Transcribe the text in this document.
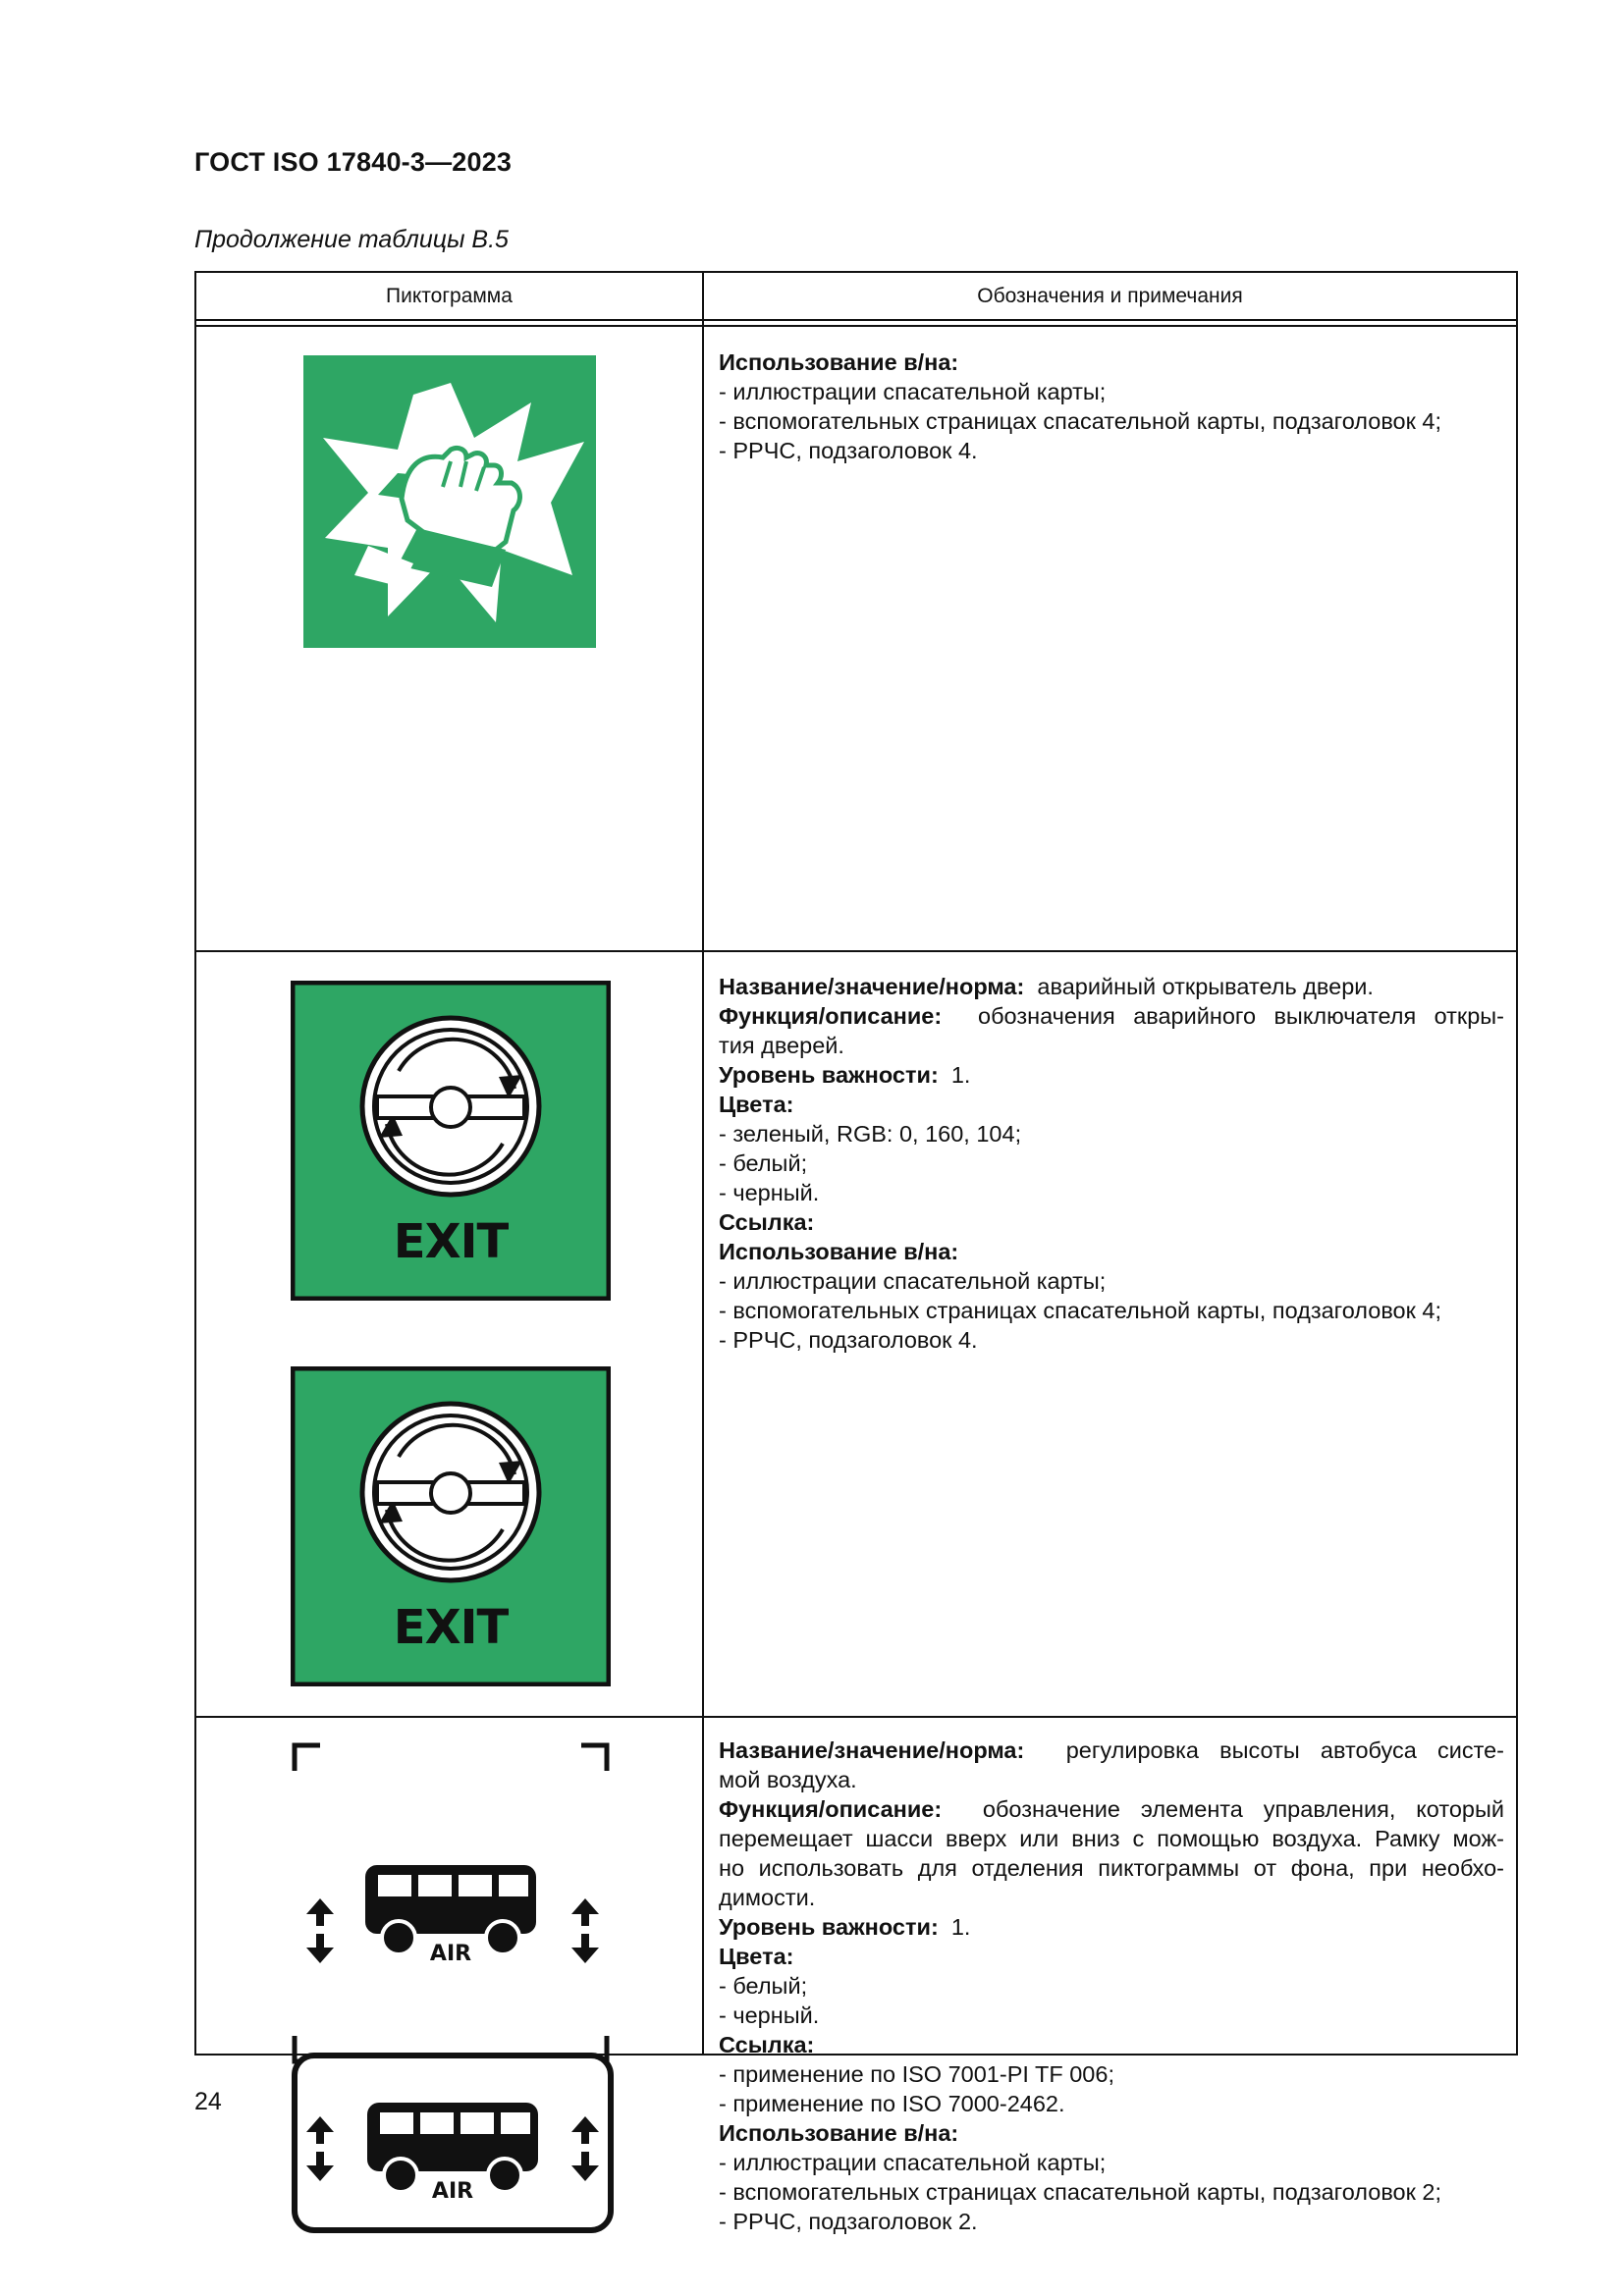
ГОСТ ISO 17840-3—2023
Продолжение таблицы В.5
Пиктограмма	Обозначения и примечания
Использование в/на:
- иллюстрации спасательной карты;
- вспомогательных страницах спасательной карты, подзаголовок 4;
- РРЧС, подзаголовок 4.
EXIT
EXIT
Название/значение/норма: аварийный открыватель двери.
Функция/описание: обозначения аварийного выключателя откры-
тия дверей.
Уровень важности: 1.
Цвета:
- зеленый, RGB: 0, 160, 104;
- белый;
- черный.
Ссылка:
Использование в/на:
- иллюстрации спасательной карты;
- вспомогательных страницах спасательной карты, подзаголовок 4;
- РРЧС, подзаголовок 4.
Название/значение/норма: регулировка высоты автобуса систе-
мой воздуха.
Функция/описание: обозначение элемента управления, который
перемещает шасси вверх или вниз с помощью воздуха. Рамку мож-
но использовать для отделения пиктограммы от фона, при необхо-
димости.
Уровень важности: 1.
Цвета:
- белый;
- черный.
Ссылка:
- применение по ISO 7001-PI TF 006;
- применение по ISO 7000-2462.
Использование в/на:
- иллюстрации спасательной карты;
- вспомогательных страницах спасательной карты, подзаголовок 2;
- РРЧС, подзаголовок 2.
AIR
AIR
24
